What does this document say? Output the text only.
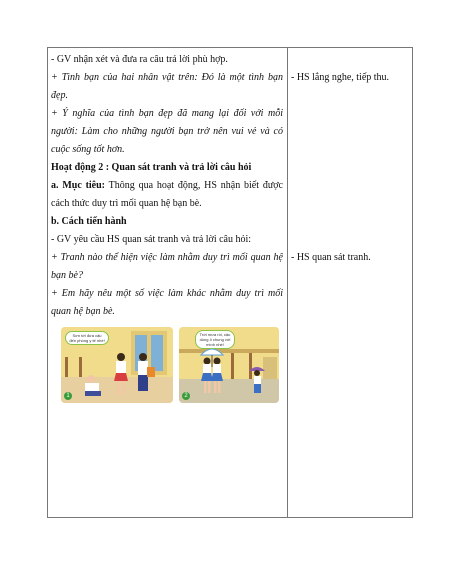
- GV nhận xét và đưa ra câu trả lời phù hợp.

+ Tình bạn của hai nhân vật trên: Đó là một tình bạn đẹp.

+ Ý nghĩa của tình bạn đẹp đã mang lại đối với mỗi người: Làm cho những người bạn trở nên vui vẻ và có cuộc sống tốt hơn.

Hoạt động 2 : Quan sát tranh và trả lời câu hỏi

a. Mục tiêu: Thông qua hoạt động, HS nhận biết được cách thức duy trì mối quan hệ bạn bè.

b. Cách tiến hành

- GV yêu cầu HS quan sát tranh và trả lời câu hỏi:

+ Tranh nào thể hiện việc làm nhằm duy trì mối quan hệ bạn bè?

+ Em hãy nêu một số việc làm khác nhằm duy trì mối quan hệ bạn bè.

Sơn tới đưa cậu đến phòng y tế nhé!
1
Trời mưa rồi, cậu dùng ô chung với mình nhé!
2
- HS lắng nghe, tiếp thu.
- HS quan sát tranh.
